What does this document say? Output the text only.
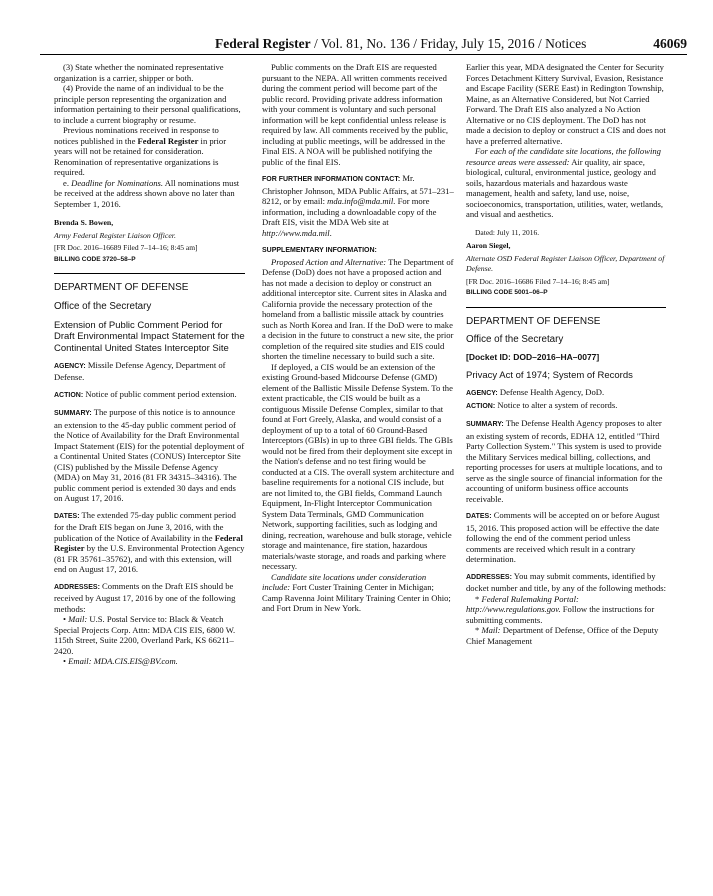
Federal Register / Vol. 81, No. 136 / Friday, July 15, 2016 / Notices	46069

(3) State whether the nominated representative organization is a carrier, shipper or both.

(4) Provide the name of an individual to be the principle person representing the organization and information pertaining to their personal qualifications, to include a current biography or resume.

Previous nominations received in response to notices published in the Federal Register in prior years will not be retained for consideration. Renomination of representative organizations is required.

e. Deadline for Nominations. All nominations must be received at the address shown above no later than September 1, 2016.

Brenda S. Bowen,

Army Federal Register Liaison Officer.

[FR Doc. 2016–16689 Filed 7–14–16; 8:45 am]

BILLING CODE 3720–58–P

DEPARTMENT OF DEFENSE
Office of the Secretary
Extension of Public Comment Period for Draft Environmental Impact Statement for the Continental United States Interceptor Site

AGENCY: Missile Defense Agency, Department of Defense.

ACTION: Notice of public comment period extension.

SUMMARY: The purpose of this notice is to announce an extension to the 45-day public comment period of the Notice of Availability for the Draft Environmental Impact Statement (EIS) for the potential deployment of a Continental United States (CONUS) Interceptor Site (CIS) published by the Missile Defense Agency (MDA) on May 31, 2016 (81 FR 34315–34316). The public comment period is extended 30 days and ends on August 17, 2016.

DATES: The extended 75-day public comment period for the Draft EIS began on June 3, 2016, with the publication of the Notice of Availability in the Federal Register by the U.S. Environmental Protection Agency (81 FR 35761–35762), and with this extension, will end on August 17, 2016.

ADDRESSES: Comments on the Draft EIS should be received by August 17, 2016 by one of the following methods:

• Mail: U.S. Postal Service to: Black & Veatch Special Projects Corp. Attn: MDA CIS EIS, 6800 W. 115th Street, Suite 2200, Overland Park, KS 66211–2420.

• Email: MDA.CIS.EIS@BV.com.

Public comments on the Draft EIS are requested pursuant to the NEPA. All written comments received during the comment period will become part of the public record. Providing private address information with your comment is voluntary and such personal information will be kept confidential unless release is required by law. All comments received by the public, including at public meetings, will be addressed in the Final EIS. A NOA will be published notifying the public of the final EIS.

FOR FURTHER INFORMATION CONTACT: Mr. Christopher Johnson, MDA Public Affairs, at 571–231–8212, or by email: mda.info@mda.mil. For more information, including a downloadable copy of the Draft EIS, visit the MDA Web site at http://www.mda.mil.

SUPPLEMENTARY INFORMATION:

Proposed Action and Alternative: The Department of Defense (DoD) does not have a proposed action and has not made a decision to deploy or construct an additional interceptor site. Current sites in Alaska and California provide the necessary protection of the homeland from a ballistic missile attack by countries such as North Korea and Iran. If the DoD were to make a decision in the future to construct a new site, the prior completion of the required site studies and EIS could shorten the timeline necessary to build such a site.

If deployed, a CIS would be an extension of the existing Ground-based Midcourse Defense (GMD) element of the Ballistic Missile Defense System. To the extent practicable, the CIS would be built as a contiguous Missile Defense Complex, similar to that found at Fort Greely, Alaska, and would consist of a deployment of up to a total of 60 Ground-Based Interceptors (GBIs) in up to three GBI fields. The GBIs would not be fired from their deployment site except in the Nation's defense and no test firing would be conducted at a CIS. The overall system architecture and baseline requirements for a notional CIS include, but are not limited to, the GBI fields, Command Launch Equipment, In-Flight Interceptor Communication System Data Terminals, GMD Communication Network, supporting facilities, such as lodging and dining, recreation, warehouse and bulk storage, vehicle storage and maintenance, fire station, hazardous materials/waste storage, and roads and parking where necessary.

Candidate site locations under consideration include: Fort Custer Training Center in Michigan; Camp Ravenna Joint Military Training Center in Ohio; and Fort Drum in New York.

Earlier this year, MDA designated the Center for Security Forces Detachment Kittery Survival, Evasion, Resistance and Escape Facility (SERE East) in Redington Township, Maine, as an Alternative Considered, but Not Carried Forward. The Draft EIS also analyzed a No Action Alternative or no CIS deployment. The DoD has not made a decision to deploy or construct a CIS and does not have a preferred alternative.

For each of the candidate site locations, the following resource areas were assessed: Air quality, air space, biological, cultural, environmental justice, geology and soils, hazardous materials and hazardous waste management, health and safety, land use, noise, socioeconomics, transportation, utilities, water, wetlands, and visual and aesthetics.

Dated: July 11, 2016.

Aaron Siegel,

Alternate OSD Federal Register Liaison Officer, Department of Defense.

[FR Doc. 2016–16686 Filed 7–14–16; 8:45 am]

BILLING CODE 5001–06–P

DEPARTMENT OF DEFENSE
Office of the Secretary
[Docket ID: DOD–2016–HA–0077]
Privacy Act of 1974; System of Records

AGENCY: Defense Health Agency, DoD.

ACTION: Notice to alter a system of records.

SUMMARY: The Defense Health Agency proposes to alter an existing system of records, EDHA 12, entitled "Third Party Collection System." This system is used to provide the Military Services medical billing, collections, and reporting processes for users at multiple locations, and to serve as the single source of financial information for the accounting of uniform business office accounts receivable.

DATES: Comments will be accepted on or before August 15, 2016. This proposed action will be effective the date following the end of the comment period unless comments are received which result in a contrary determination.

ADDRESSES: You may submit comments, identified by docket number and title, by any of the following methods:

* Federal Rulemaking Portal: http://www.regulations.gov. Follow the instructions for submitting comments.

* Mail: Department of Defense, Office of the Deputy Chief Management
